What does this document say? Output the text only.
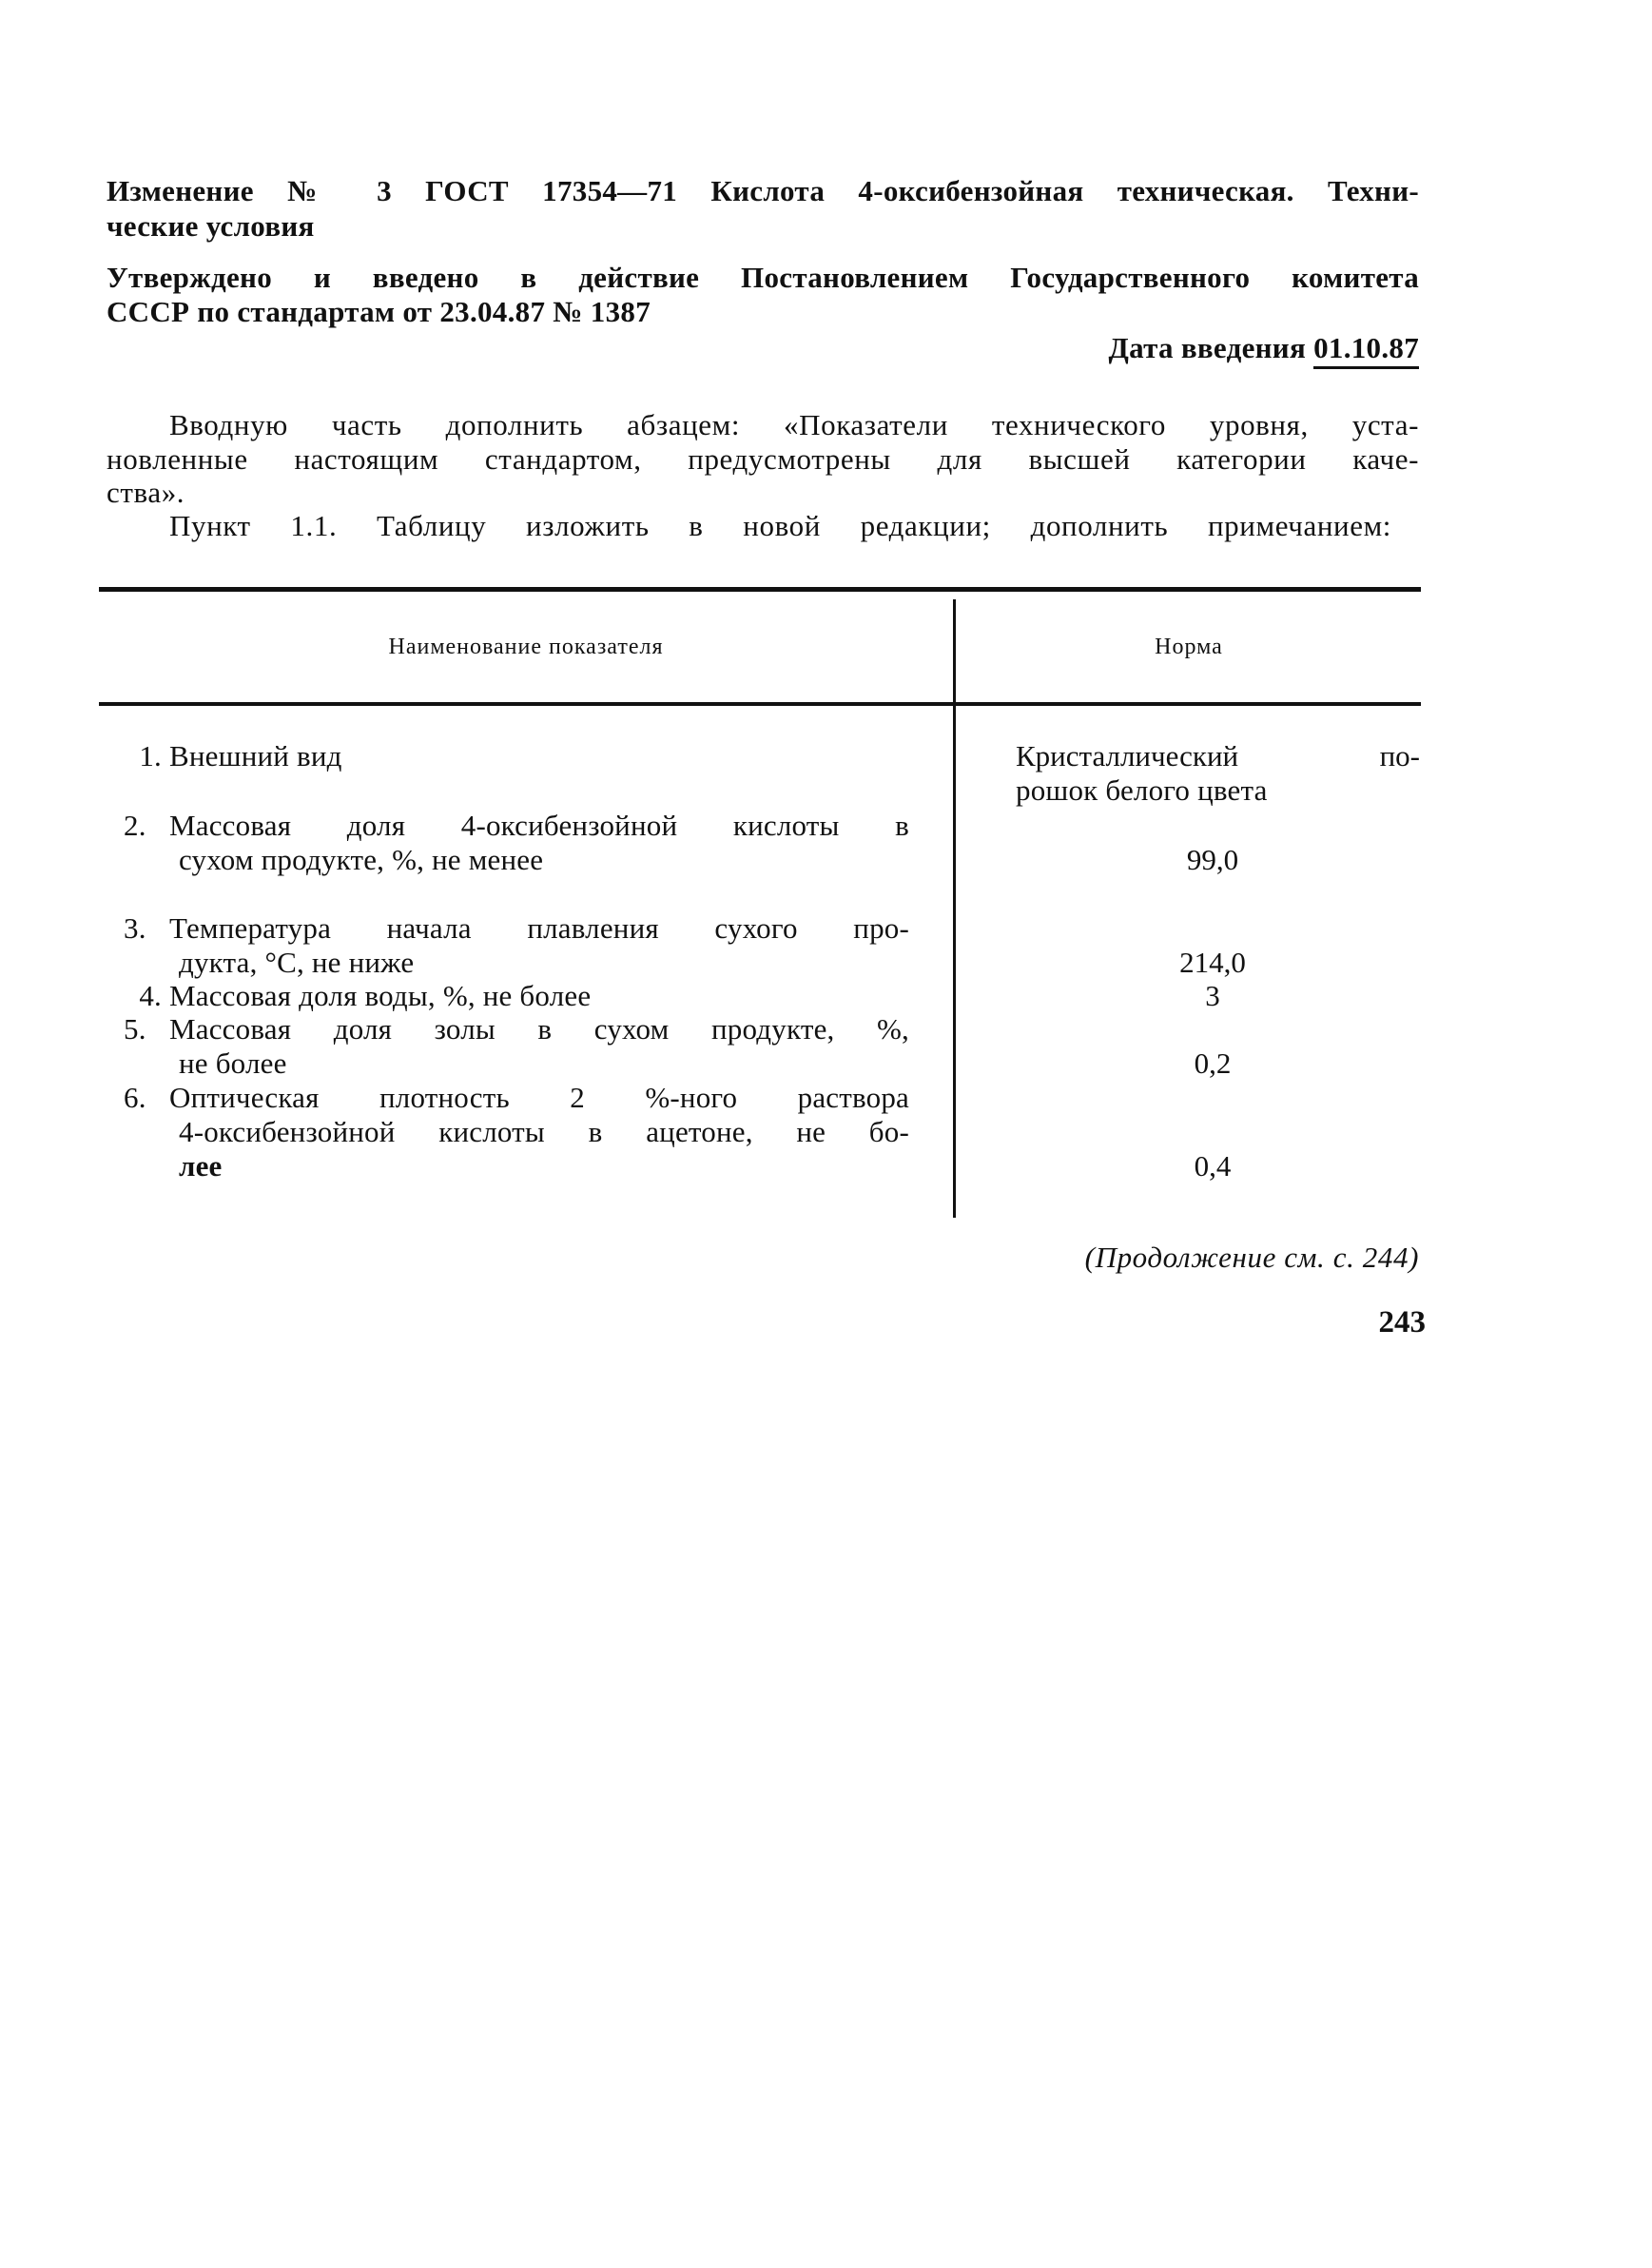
Изменение № 3 ГОСТ 17354—71 Кислота 4-оксибензойная техническая. Техни-
ческие условия
Утверждено и введено в действие Постановлением Государственного комитета
СССР по стандартам от 23.04.87 № 1387
Дата введения 01.10.87
Вводную часть дополнить абзацем: «Показатели технического уровня, уста-
новленные настоящим стандартом, предусмотрены для высшей категории каче-
ства».
Пункт 1.1. Таблицу изложить в новой редакции; дополнить примечанием:
Наименование показателя	Норма
1. Внешний вид	Кристаллический по-
рошок белого цвета
2. Массовая доля 4-оксибензойной кислоты в
сухом продукте, %, не менее	99,0
3. Температура начала плавления сухого про-
дукта, °С, не ниже	214,0
4. Массовая доля воды, %, не более	3
5. Массовая доля золы в сухом продукте, %,
не более	0,2
6. Оптическая плотность 2 %-ного раствора
4-оксибензойной кислоты в ацетоне, не бо-
лее	0,4
(Продолжение см. с. 244)
243
